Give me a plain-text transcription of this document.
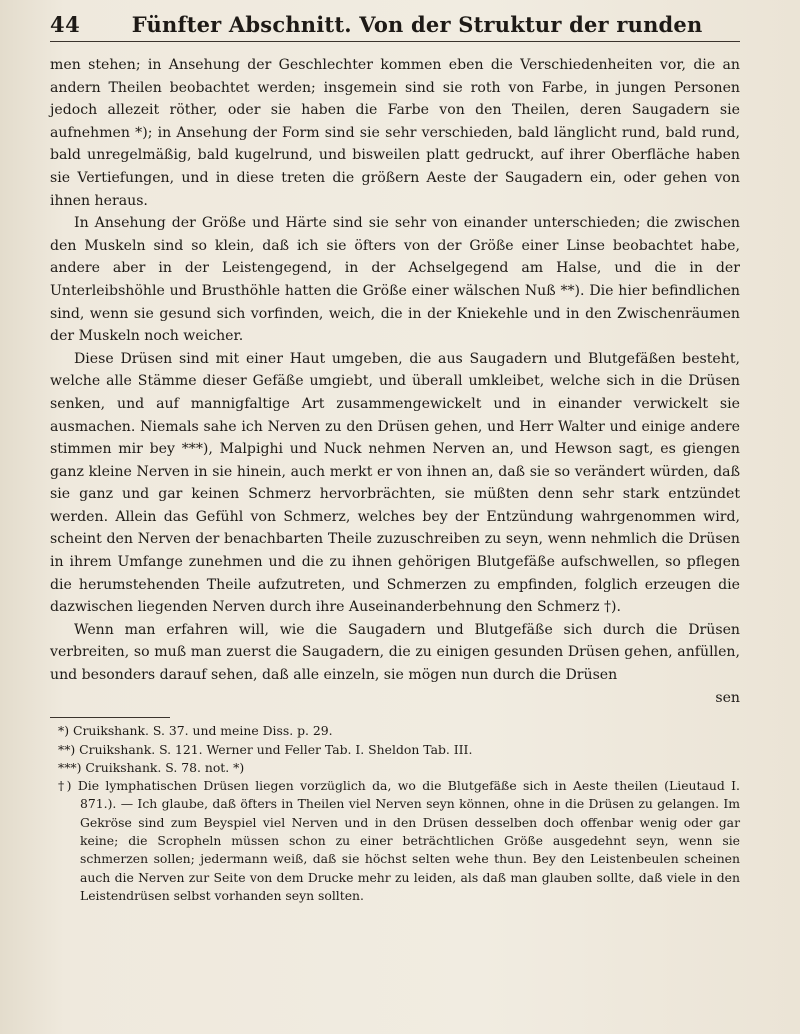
44	Fünfter Abschnitt. Von der Struktur der runden

men stehen; in Ansehung der Geschlechter kommen eben die Verschiedenheiten vor, die an andern Theilen beobachtet werden; insgemein sind sie roth von Farbe, in jungen Personen jedoch allezeit röther, oder sie haben die Farbe von den Theilen, deren Saugadern sie aufnehmen *); in Ansehung der Form sind sie sehr verschieden, bald länglicht rund, bald rund, bald unregelmäßig, bald kugelrund, und bisweilen platt gedruckt, auf ihrer Oberfläche haben sie Vertiefungen, und in diese treten die größern Aeste der Saugadern ein, oder gehen von ihnen heraus.

In Ansehung der Größe und Härte sind sie sehr von einander unterschieden; die zwischen den Muskeln sind so klein, daß ich sie öfters von der Größe einer Linse beobachtet habe, andere aber in der Leistengegend, in der Achselgegend am Halse, und die in der Unterleibshöhle und Brusthöhle hatten die Größe einer wälschen Nuß **). Die hier befindlichen sind, wenn sie gesund sich vorfinden, weich, die in der Kniekehle und in den Zwischenräumen der Muskeln noch weicher.

Diese Drüsen sind mit einer Haut umgeben, die aus Saugadern und Blutgefäßen besteht, welche alle Stämme dieser Gefäße umgiebt, und überall umkleibet, welche sich in die Drüsen senken, und auf mannigfaltige Art zusammengewickelt und in einander verwickelt sie ausmachen. Niemals sahe ich Nerven zu den Drüsen gehen, und Herr Walter und einige andere stimmen mir bey ***), Malpighi und Nuck nehmen Nerven an, und Hewson sagt, es giengen ganz kleine Nerven in sie hinein, auch merkt er von ihnen an, daß sie so verändert würden, daß sie ganz und gar keinen Schmerz hervorbrächten, sie müßten denn sehr stark entzündet werden. Allein das Gefühl von Schmerz, welches bey der Entzündung wahrgenommen wird, scheint den Nerven der benachbarten Theile zuzuschreiben zu seyn, wenn nehmlich die Drüsen in ihrem Umfange zunehmen und die zu ihnen gehörigen Blutgefäße aufschwellen, so pflegen die herumstehenden Theile aufzutreten, und Schmerzen zu empfinden, folglich erzeugen die dazwischen liegenden Nerven durch ihre Auseinanderbehnung den Schmerz †).

Wenn man erfahren will, wie die Saugadern und Blutgefäße sich durch die Drüsen verbreiten, so muß man zuerst die Saugadern, die zu einigen gesunden Drüsen gehen, anfüllen, und besonders darauf sehen, daß alle einzeln, sie mögen nun durch die Drüsen

sen

*) Cruikshank. S. 37. und meine Diss. p. 29.
**) Cruikshank. S. 121. Werner und Feller Tab. I. Sheldon Tab. III.
***) Cruikshank. S. 78. not. *)
†) Die lymphatischen Drüsen liegen vorzüglich da, wo die Blutgefäße sich in Aeste theilen (Lieutaud I. 871.). — Ich glaube, daß öfters in Theilen viel Nerven seyn können, ohne in die Drüsen zu gelangen. Im Gekröse sind zum Beyspiel viel Nerven und in den Drüsen desselben doch offenbar wenig oder gar keine; die Scropheln müssen schon zu einer beträchtlichen Größe ausgedehnt seyn, wenn sie schmerzen sollen; jedermann weiß, daß sie höchst selten wehe thun. Bey den Leistenbeulen scheinen auch die Nerven zur Seite von dem Drucke mehr zu leiden, als daß man glauben sollte, daß viele in den Leistendrüsen selbst vorhanden seyn sollten.
